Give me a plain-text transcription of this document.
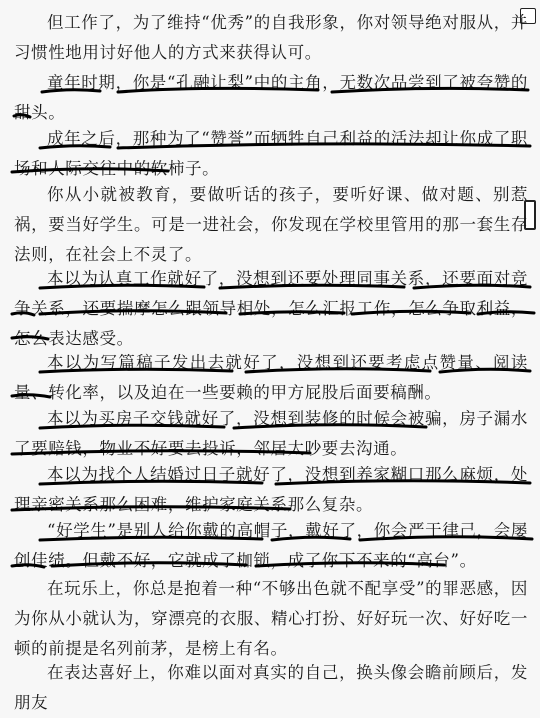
但工作了，为了维持“优秀”的自我形象，你对领导绝对服从，并习惯性地用讨好他人的方式来获得认可。

童年时期，你是“孔融让梨”中的主角，无数次品尝到了被夸赞的甜头。

成年之后，那种为了“赞誉”而牺牲自己利益的活法却让你成了职场和人际交往中的软柿子。

你从小就被教育，要做听话的孩子，要听好课、做对题、别惹祸，要当好学生。可是一进社会，你发现在学校里管用的那一套生存法则，在社会上不灵了。

本以为认真工作就好了，没想到还要处理同事关系，还要面对竞争关系，还要揣摩怎么跟领导相处，怎么汇报工作，怎么争取利益，怎么表达感受。

本以为写篇稿子发出去就好了，没想到还要考虑点赞量、阅读量、转化率，以及迫在一些要赖的甲方屁股后面要稿酬。

本以为买房子交钱就好了，没想到装修的时候会被骗，房子漏水了要赔钱，物业不好要去投诉，邻居太吵要去沟通。

本以为找个人结婚过日子就好了，没想到养家糊口那么麻烦，处理亲密关系那么困难，维护家庭关系那么复杂。

“好学生”是别人给你戴的高帽子，戴好了，你会严于律己，会屡创佳绩。但戴不好，它就成了枷锁，成了你下不来的“高台”。

在玩乐上，你总是抱着一种“不够出色就不配享受”的罪恶感，因为你从小就认为，穿漂亮的衣服、精心打扮、好好玩一次、好好吃一顿的前提是名列前茅，是榜上有名。

在表达喜好上，你难以面对真实的自己，换头像会瞻前顾后，发朋友
